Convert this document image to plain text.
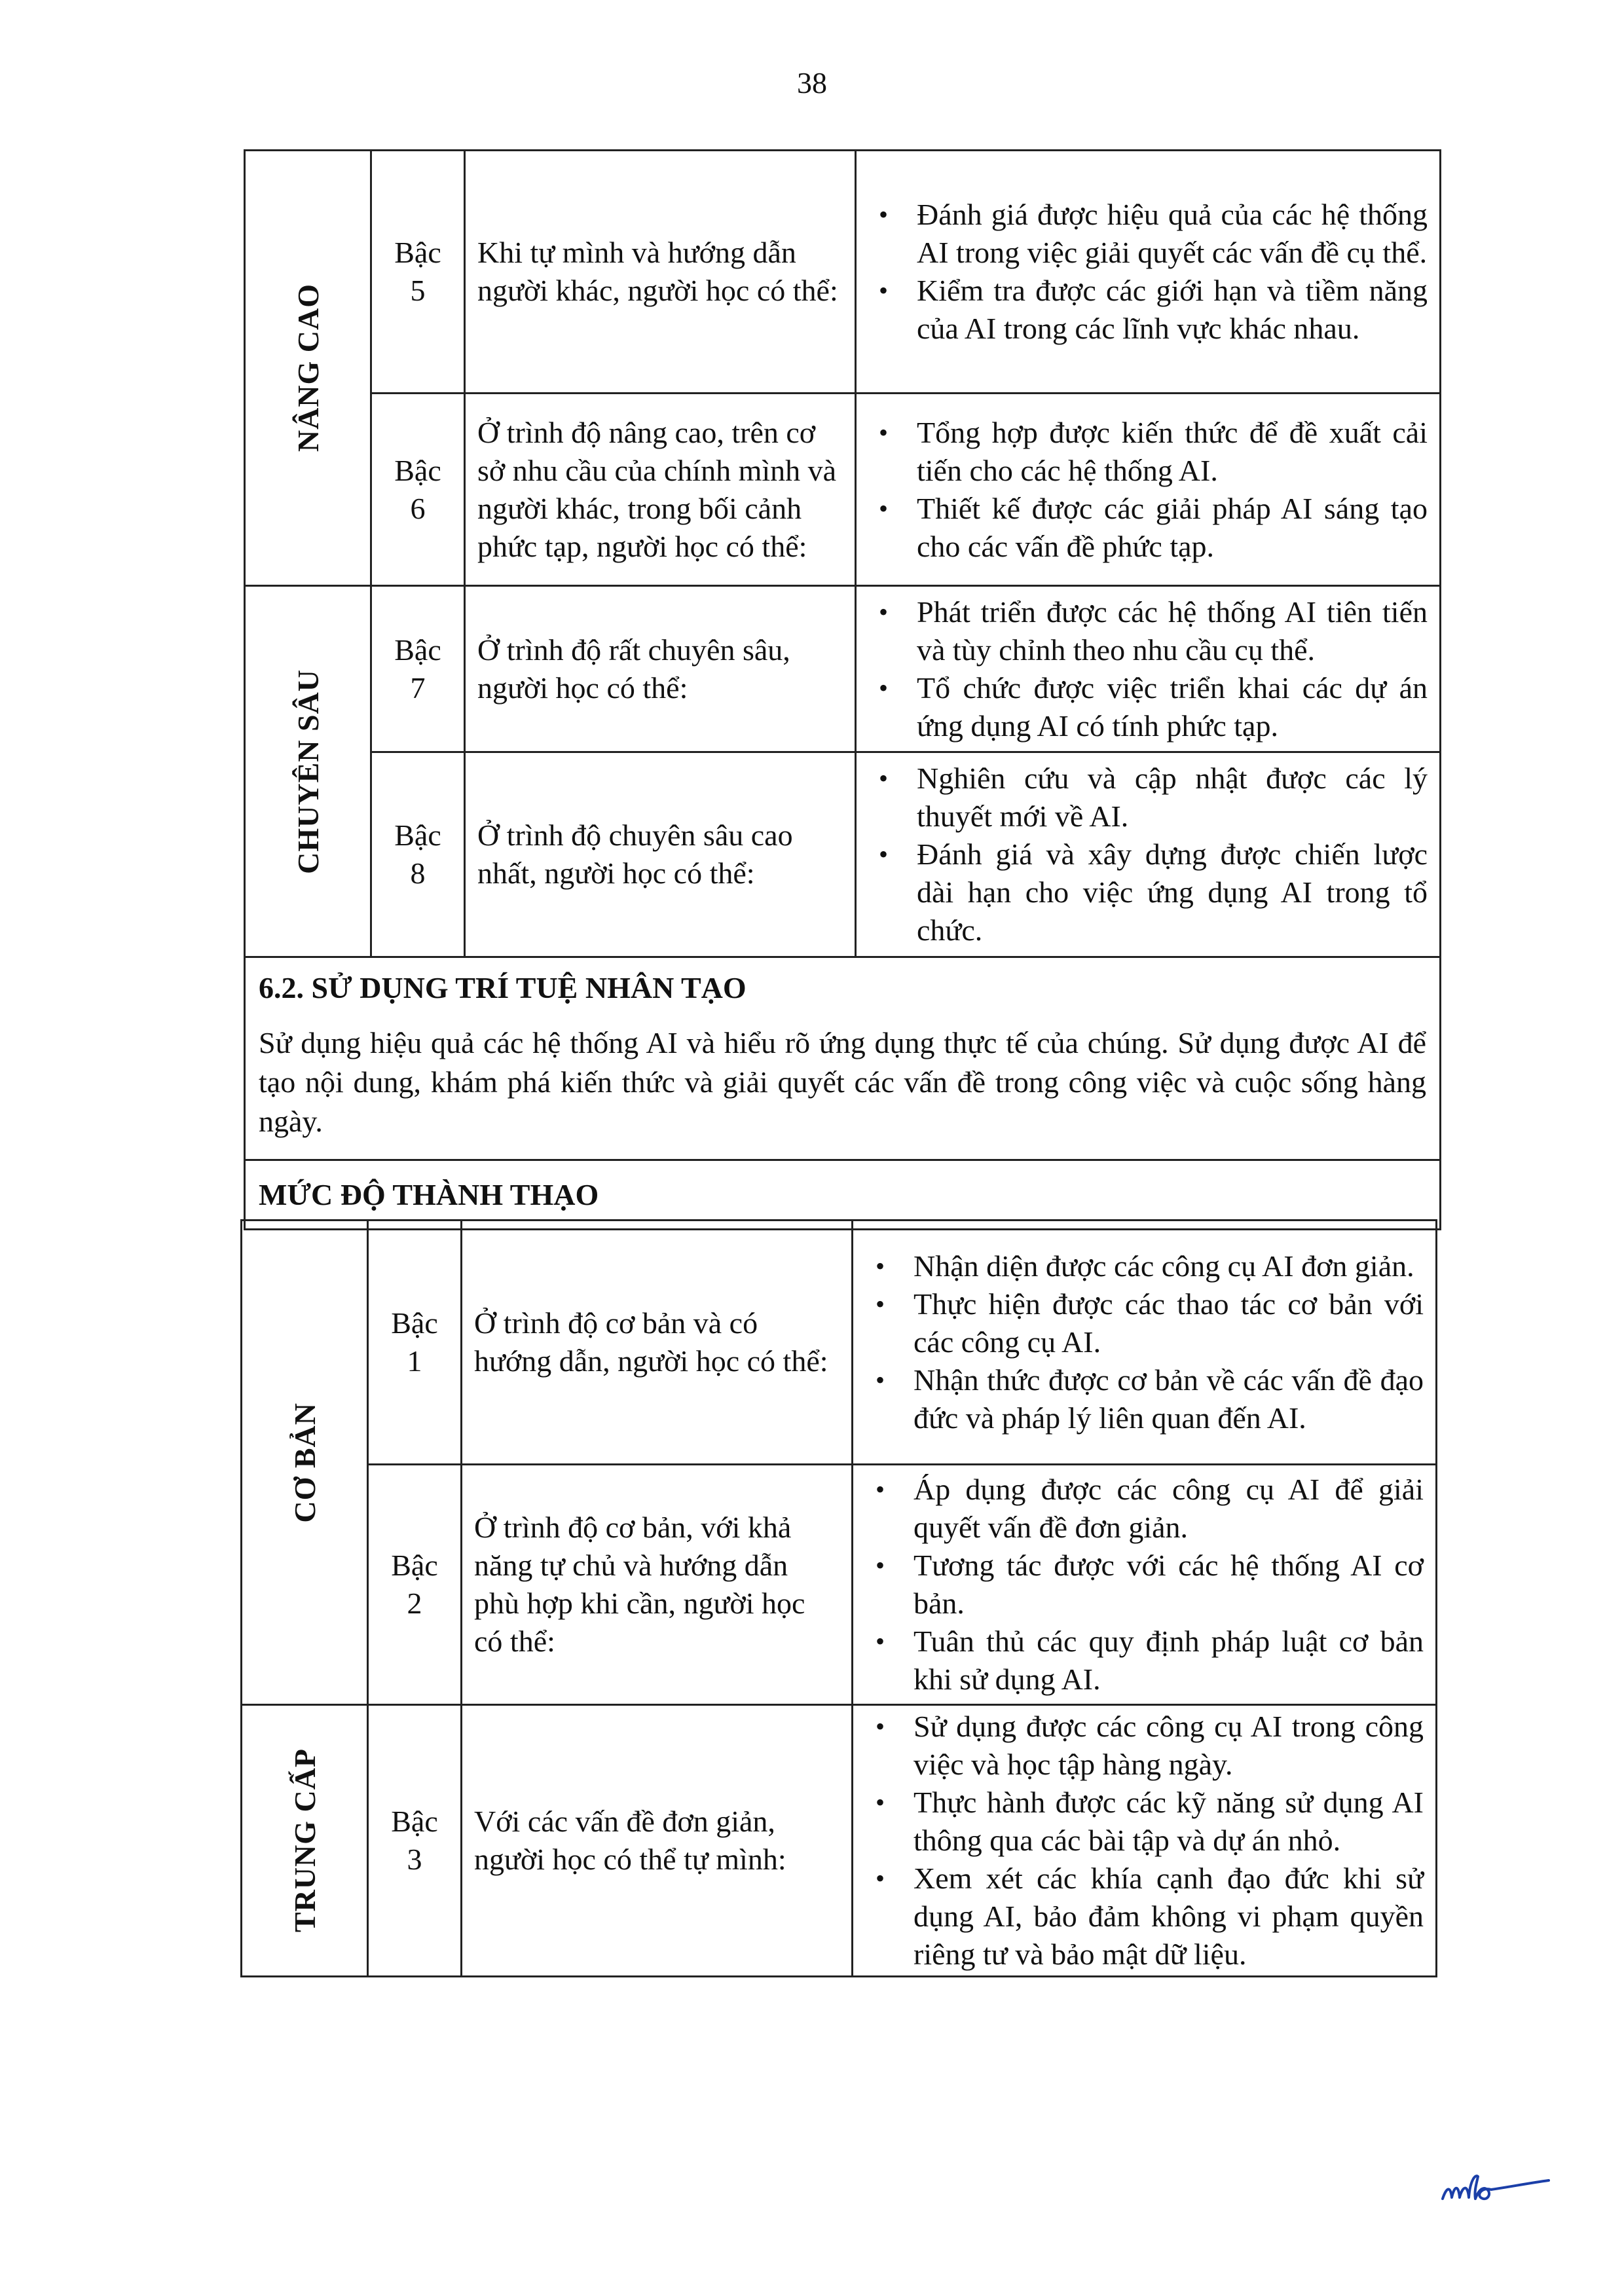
38
NÂNG CAO
Bậc
5
Khi tự mình và hướng dẫn người khác, người học có thể:
• Đánh giá được hiệu quả của các hệ thống AI trong việc giải quyết các vấn đề cụ thể.
• Kiểm tra được các giới hạn và tiềm năng của AI trong các lĩnh vực khác nhau.
Bậc
6
Ở trình độ nâng cao, trên cơ sở nhu cầu của chính mình và người khác, trong bối cảnh phức tạp, người học có thể:
• Tổng hợp được kiến thức để đề xuất cải tiến cho các hệ thống AI.
• Thiết kế được các giải pháp AI sáng tạo cho các vấn đề phức tạp.
CHUYÊN SÂU
Bậc
7
Ở trình độ rất chuyên sâu, người học có thể:
• Phát triển được các hệ thống AI tiên tiến và tùy chỉnh theo nhu cầu cụ thể.
• Tổ chức được việc triển khai các dự án ứng dụng AI có tính phức tạp.
Bậc
8
Ở trình độ chuyên sâu cao nhất, người học có thể:
• Nghiên cứu và cập nhật được các lý thuyết mới về AI.
• Đánh giá và xây dựng được chiến lược dài hạn cho việc ứng dụng AI trong tổ chức.
6.2. SỬ DỤNG TRÍ TUỆ NHÂN TẠO
Sử dụng hiệu quả các hệ thống AI và hiểu rõ ứng dụng thực tế của chúng. Sử dụng được AI để tạo nội dung, khám phá kiến thức và giải quyết các vấn đề trong công việc và cuộc sống hàng ngày.
MỨC ĐỘ THÀNH THẠO
CƠ BẢN
Bậc
1
Ở trình độ cơ bản và có hướng dẫn, người học có thể:
• Nhận diện được các công cụ AI đơn giản.
• Thực hiện được các thao tác cơ bản với các công cụ AI.
• Nhận thức được cơ bản về các vấn đề đạo đức và pháp lý liên quan đến AI.
Bậc
2
Ở trình độ cơ bản, với khả năng tự chủ và hướng dẫn phù hợp khi cần, người học có thể:
• Áp dụng được các công cụ AI để giải quyết vấn đề đơn giản.
• Tương tác được với các hệ thống AI cơ bản.
• Tuân thủ các quy định pháp luật cơ bản khi sử dụng AI.
TRUNG CẤP Bậc
3
Với các vấn đề đơn giản, người học có thể tự mình:
• Sử dụng được các công cụ AI trong công việc và học tập hàng ngày.
• Thực hành được các kỹ năng sử dụng AI thông qua các bài tập và dự án nhỏ.
• Xem xét các khía cạnh đạo đức khi sử dụng AI, bảo đảm không vi phạm quyền riêng tư và bảo mật dữ liệu.
